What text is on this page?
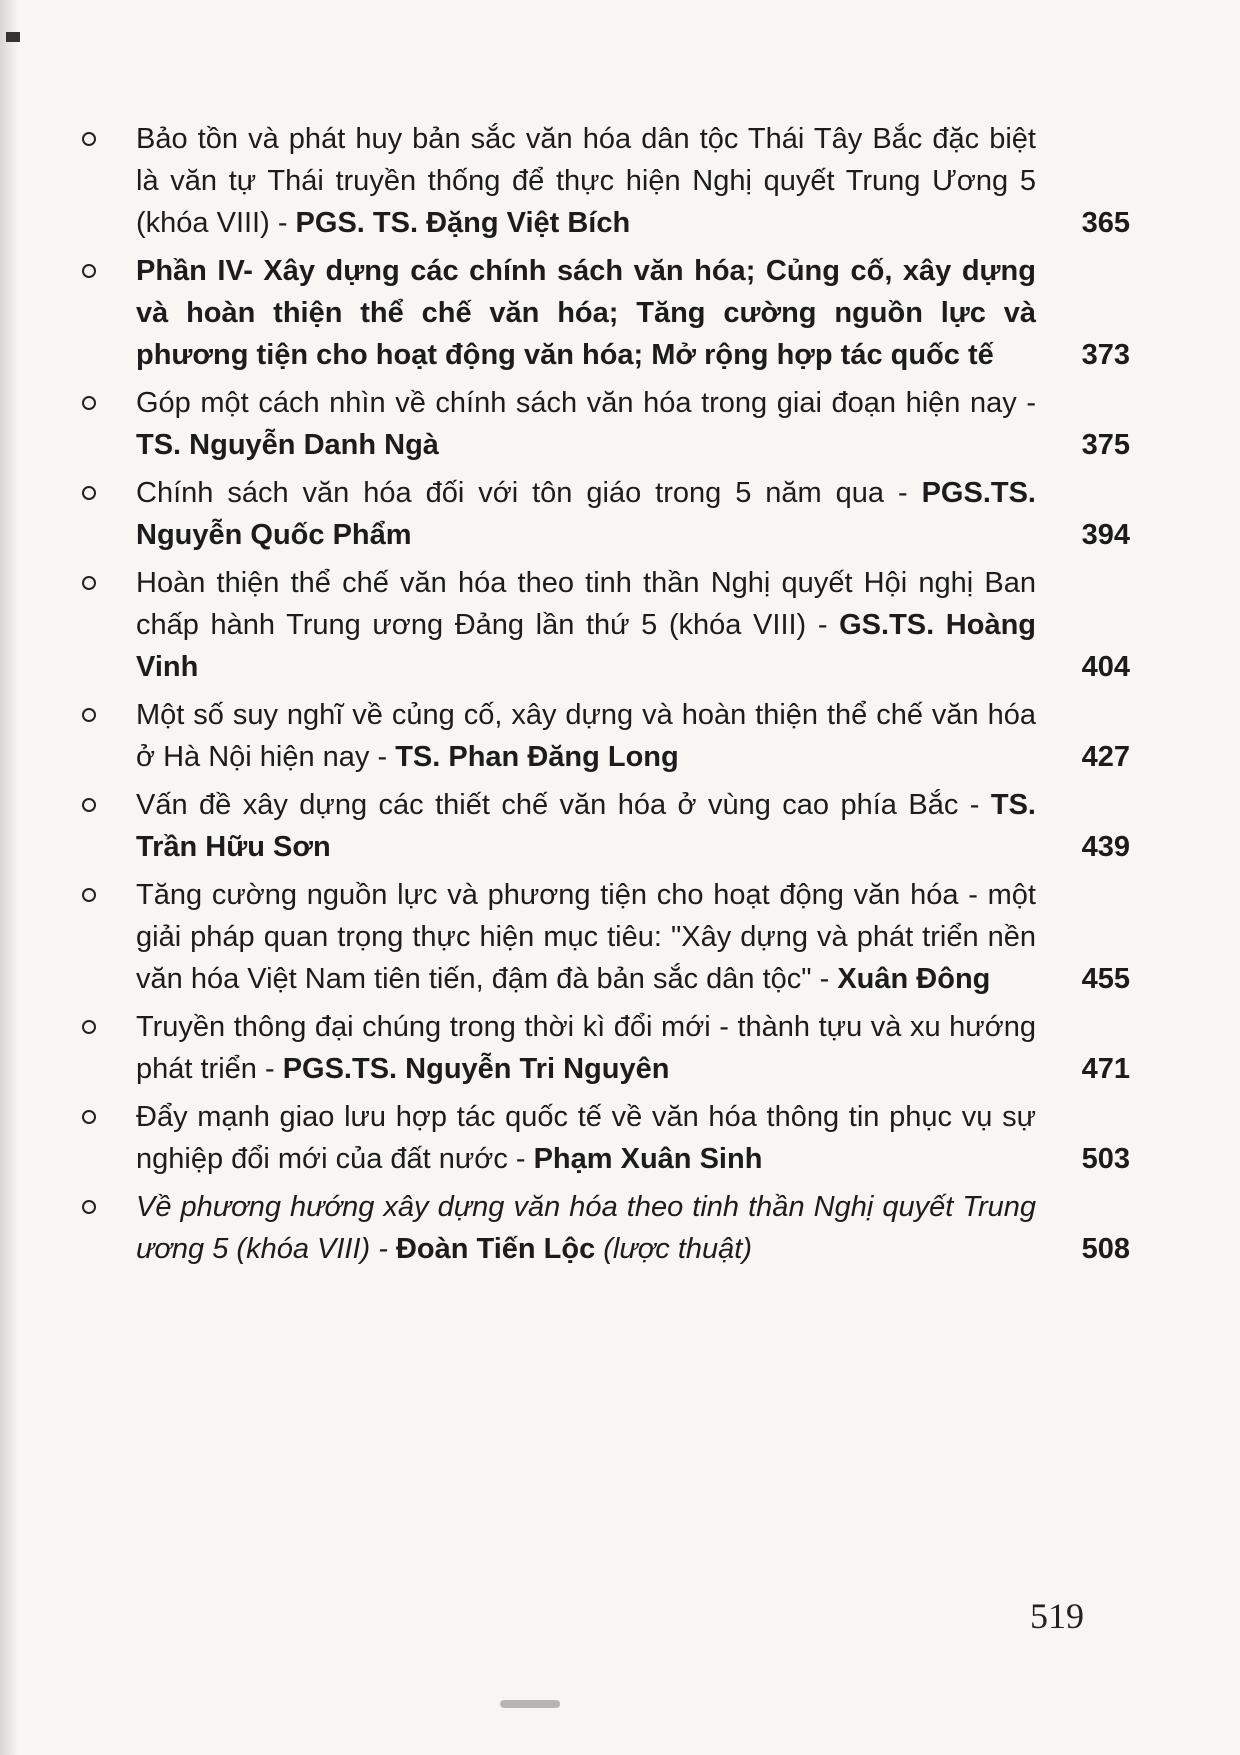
Bảo tồn và phát huy bản sắc văn hóa dân tộc Thái Tây Bắc đặc biệt là văn tự Thái truyền thống để thực hiện Nghị quyết Trung Ương 5 (khóa VIII) - PGS. TS. Đặng Việt Bích	365
Phần IV- Xây dựng các chính sách văn hóa; Củng cố, xây dựng và hoàn thiện thể chế văn hóa; Tăng cường nguồn lực và phương tiện cho hoạt động văn hóa; Mở rộng hợp tác quốc tế	373
Góp một cách nhìn về chính sách văn hóa trong giai đoạn hiện nay - TS. Nguyễn Danh Ngà	375
Chính sách văn hóa đối với tôn giáo trong 5 năm qua - PGS.TS. Nguyễn Quốc Phẩm	394
Hoàn thiện thể chế văn hóa theo tinh thần Nghị quyết Hội nghị Ban chấp hành Trung ương Đảng lần thứ 5 (khóa VIII) - GS.TS. Hoàng Vinh	404
Một số suy nghĩ về củng cố, xây dựng và hoàn thiện thể chế văn hóa ở Hà Nội hiện nay - TS. Phan Đăng Long	427
Vấn đề xây dựng các thiết chế văn hóa ở vùng cao phía Bắc - TS. Trần Hữu Sơn	439
Tăng cường nguồn lực và phương tiện cho hoạt động văn hóa - một giải pháp quan trọng thực hiện mục tiêu: "Xây dựng và phát triển nền văn hóa Việt Nam tiên tiến, đậm đà bản sắc dân tộc" - Xuân Đông	455
Truyền thông đại chúng trong thời kì đổi mới - thành tựu và xu hướng phát triển - PGS.TS. Nguyễn Tri Nguyên	471
Đẩy mạnh giao lưu hợp tác quốc tế về văn hóa thông tin phục vụ sự nghiệp đổi mới của đất nước - Phạm Xuân Sinh	503
Về phương hướng xây dựng văn hóa theo tinh thần Nghị quyết Trung ương 5 (khóa VIII) - Đoàn Tiến Lộc (lược thuật)	508
519
